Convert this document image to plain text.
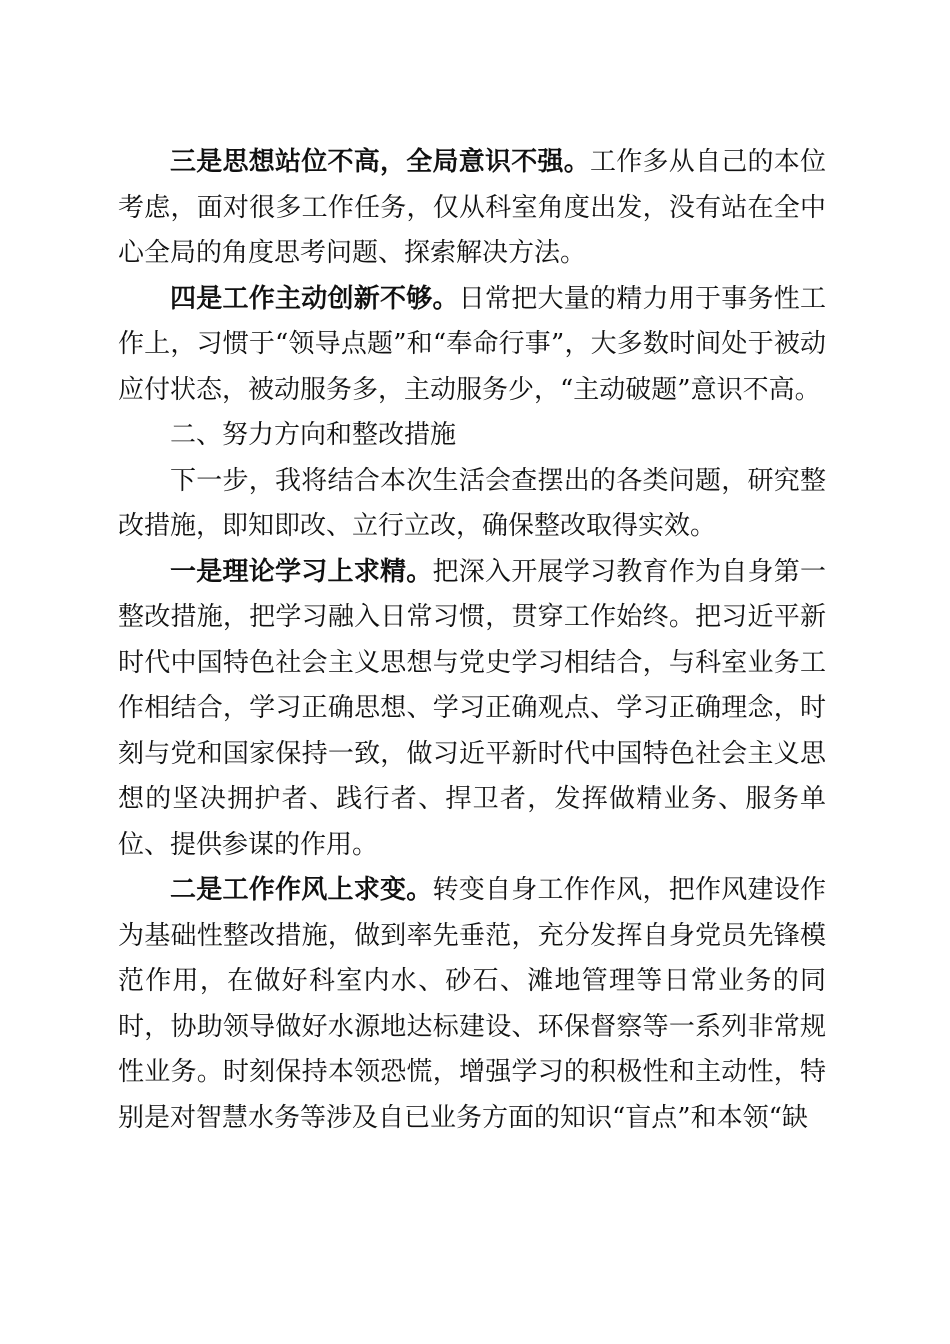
三是思想站位不高，全局意识不强。工作多从自己的本位考虑，面对很多工作任务，仅从科室角度出发，没有站在全中心全局的角度思考问题、探索解决方法。

四是工作主动创新不够。日常把大量的精力用于事务性工作上，习惯于“领导点题”和“奉命行事”，大多数时间处于被动应付状态，被动服务多，主动服务少，“主动破题”意识不高。

二、努力方向和整改措施

下一步，我将结合本次生活会查摆出的各类问题，研究整改措施，即知即改、立行立改，确保整改取得实效。

一是理论学习上求精。把深入开展学习教育作为自身第一整改措施，把学习融入日常习惯，贯穿工作始终。把习近平新时代中国特色社会主义思想与党史学习相结合，与科室业务工作相结合，学习正确思想、学习正确观点、学习正确理念，时刻与党和国家保持一致，做习近平新时代中国特色社会主义思想的坚决拥护者、践行者、捍卫者，发挥做精业务、服务单位、提供参谋的作用。

二是工作作风上求变。转变自身工作作风，把作风建设作为基础性整改措施，做到率先垂范，充分发挥自身党员先锋模范作用，在做好科室内水、砂石、滩地管理等日常业务的同时，协助领导做好水源地达标建设、环保督察等一系列非常规性业务。时刻保持本领恐慌，增强学习的积极性和主动性，特别是对智慧水务等涉及自已业务方面的知识“盲点”和本领“缺
